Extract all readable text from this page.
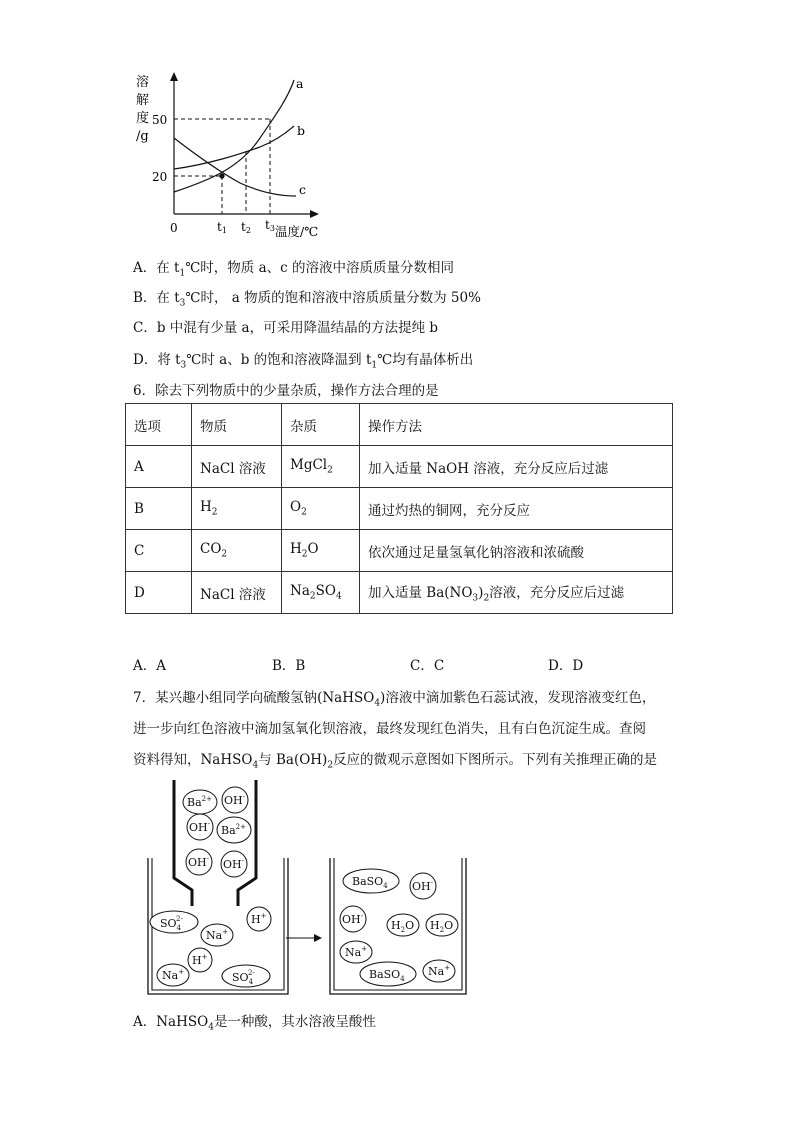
溶
解
度
/g
50
20
0	t1 t2 t3 温度/℃
a
b
c
A．在 $t_1℃$时，物质 a、c 的溶液中溶质质量分数相同
B．在 $t_3℃$时， a 物质的饱和溶液中溶质质量分数为 50%
C．b 中混有少量 a，可采用降温结晶的方法提纯 b
D．将 $t_3℃$时 a、b 的饱和溶液降温到 $t_1℃$均有晶体析出
6．除去下列物质中的少量杂质，操作方法合理的是
选项	物质	杂质	操作方法
A	NaCl 溶液	MgCl$_2$	加入适量 NaOH 溶液，充分反应后过滤
B	$H_2$	$O_2$	通过灼热的铜网，充分反应
C	$CO_2$	$H_2O$	依次通过足量氢氧化钠溶液和浓硫酸
D	NaCl 溶液	$Na_2SO_4$	加入适量 $Ba(NO_3)_2$溶液，充分反应后过滤
A．A	B．B	C．C	D．D
7．某兴趣小组同学向硫酸氢钠(NaHSO$_4$)溶液中滴加紫色石蕊试液，发现溶液变红色，
进一步向红色溶液中滴加氢氧化钡溶液，最终发现红色消失，且有白色沉淀生成。查阅
资料得知，NaHSO$_4$与 $Ba(OH)_2$反应的微观示意图如下图所示。下列有关推理正确的是
$Ba^{2+}$ OH-
OH- $Ba^{2+}$
OH- OH-
$SO_42-$	H+
Na+
H+
Na+	$SO_42-$
BaSO$_4$ OH-
OH-
$H_2O$ $H_2O$
Na+
BaSO$_4$
Na+
A．NaHSO$_4$是一种酸，其水溶液呈酸性
